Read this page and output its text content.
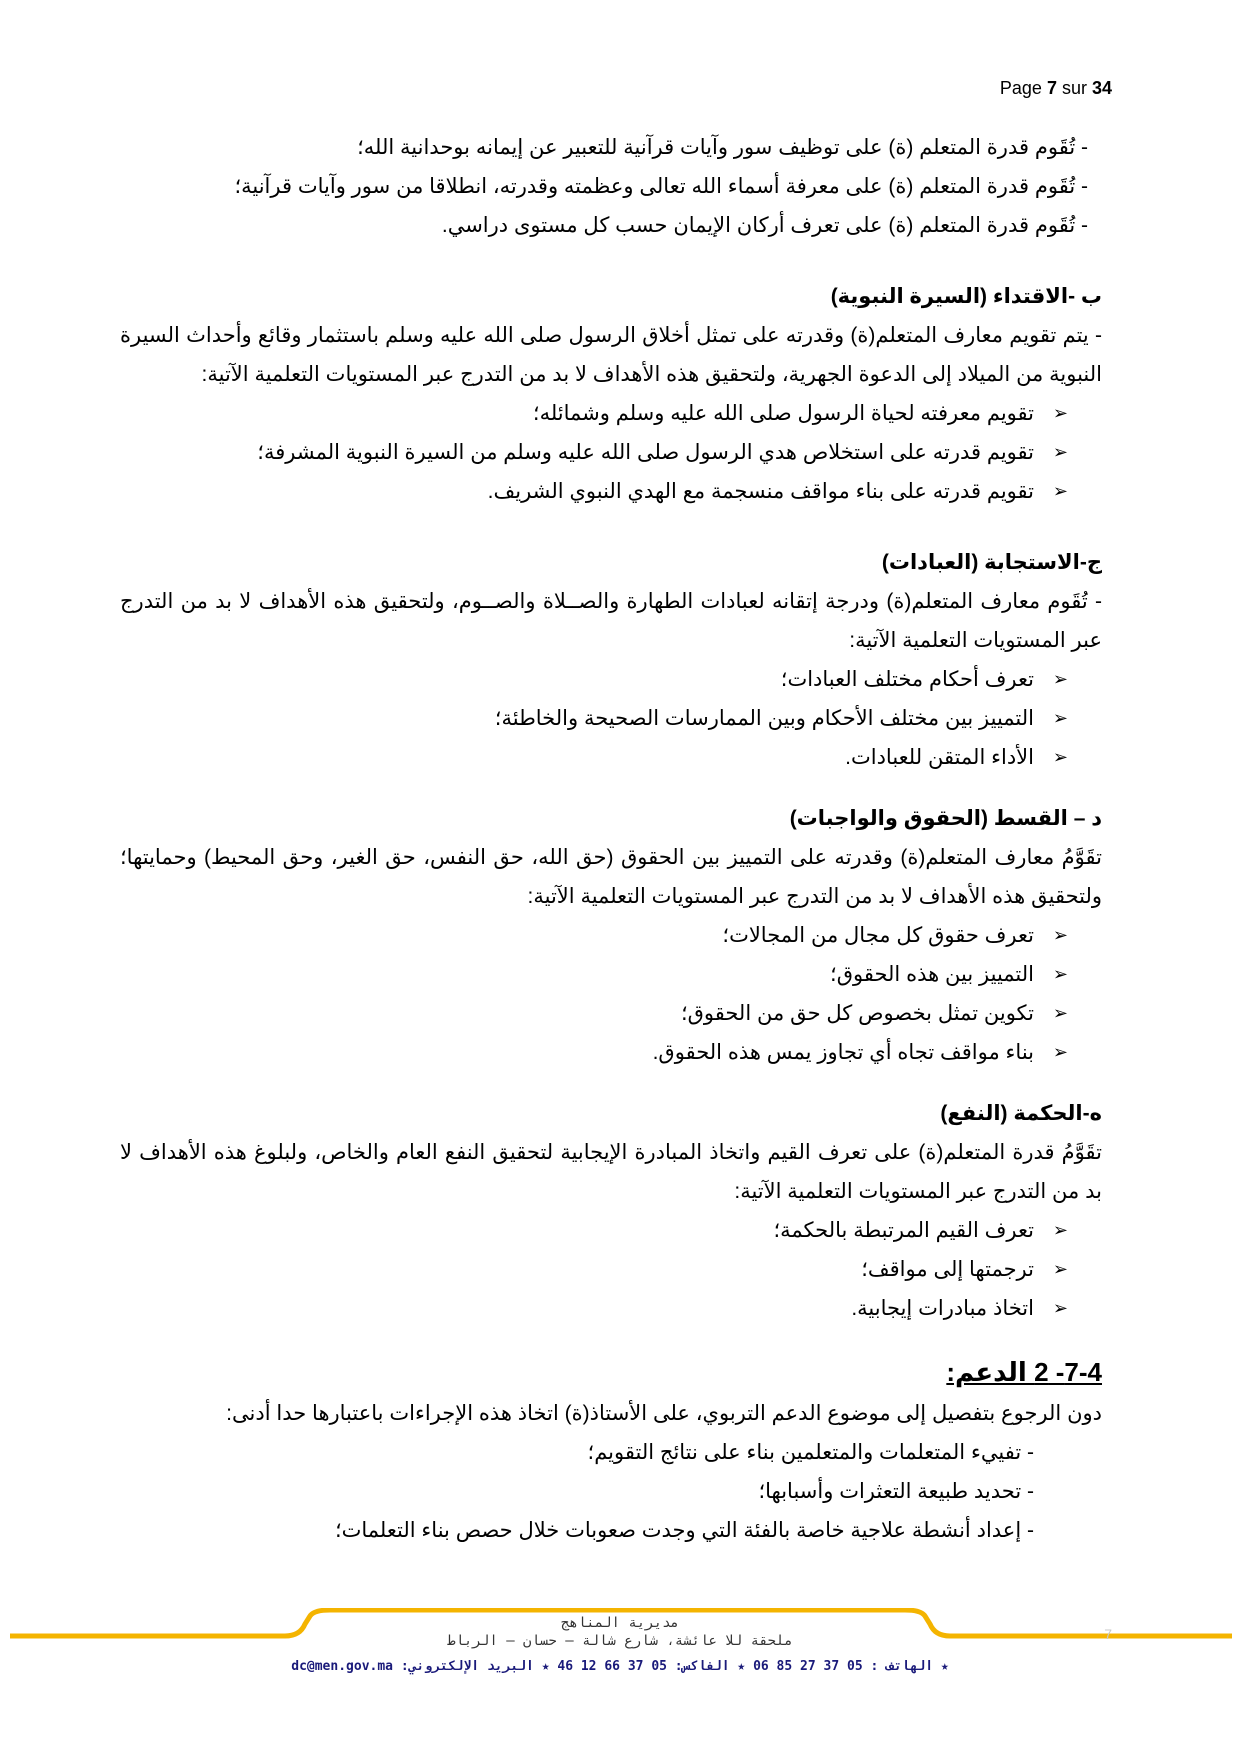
Page 7 sur 34

- تُقَوم قدرة المتعلم (ة) على توظيف سور وآيات قرآنية للتعبير عن إيمانه بوحدانية الله؛

- تُقَوم قدرة المتعلم (ة) على معرفة أسماء الله تعالى وعظمته وقدرته، انطلاقا من سور وآيات قرآنية؛

- تُقَوم قدرة المتعلم (ة) على تعرف أركان الإيمان حسب كل مستوى دراسي.

ب -الاقتداء (السيرة النبوية)

- يتم تقويم معارف المتعلم(ة) وقدرته على تمثل أخلاق الرسول صلى الله عليه وسلم باستثمار وقائع وأحداث السيرة النبوية من الميلاد إلى الدعوة الجهرية، ولتحقيق هذه الأهداف لا بد من التدرج عبر المستويات التعلمية الآتية:

➢
تقويم معرفته لحياة الرسول صلى الله عليه وسلم وشمائله؛
➢
تقويم قدرته على استخلاص هدي الرسول صلى الله عليه وسلم من السيرة النبوية المشرفة؛
➢
تقويم قدرته على بناء مواقف منسجمة مع الهدي النبوي الشريف.

ج-الاستجابة (العبادات)

- تُقَوم معارف المتعلم(ة) ودرجة إتقانه لعبادات الطهارة والصــلاة والصــوم، ولتحقيق هذه الأهداف لا بد من التدرج عبر المستويات التعلمية الآتية:

➢
تعرف أحكام مختلف العبادات؛
➢
التمييز بين مختلف الأحكام وبين الممارسات الصحيحة والخاطئة؛
➢
الأداء المتقن للعبادات.

د – القسط (الحقوق والواجبات)

تقَوَّمُ معارف المتعلم(ة) وقدرته على التمييز بين الحقوق (حق الله، حق النفس، حق الغير، وحق المحيط) وحمايتها؛ ولتحقيق هذه الأهداف لا بد من التدرج عبر المستويات التعلمية الآتية:

➢
تعرف حقوق كل مجال من المجالات؛
➢
التمييز بين هذه الحقوق؛
➢
تكوين تمثل بخصوص كل حق من الحقوق؛
➢
بناء مواقف تجاه أي تجاوز يمس هذه الحقوق.

ه-الحكمة (النفع)

تقَوَّمُ قدرة المتعلم(ة) على تعرف القيم واتخاذ المبادرة الإيجابية لتحقيق النفع العام والخاص، ولبلوغ هذه الأهداف لا بد من التدرج عبر المستويات التعلمية الآتية:

➢
تعرف القيم المرتبطة بالحكمة؛
➢
ترجمتها إلى مواقف؛
➢
اتخاذ مبادرات إيجابية.

7-4- 2 الدعم:

دون الرجوع بتفصيل إلى موضوع الدعم التربوي، على الأستاذ(ة) اتخاذ هذه الإجراءات باعتبارها حدا أدنى:

- تفييء المتعلمات والمتعلمين بناء على نتائج التقويم؛

- تحديد طبيعة التعثرات وأسبابها؛

- إعداد أنشطة علاجية خاصة بالفئة التي وجدت صعوبات خلال حصص بناء التعلمات؛

مديرية المناهج
ملحقة للا عائشة، شارع شالة – حسان – الرباط
★ الهاتف : 05 37 27 85 06 ★ الفاكس: 05 37 66 12 46 ★ البريد الإلكتروني: dc@men.gov.ma
7
